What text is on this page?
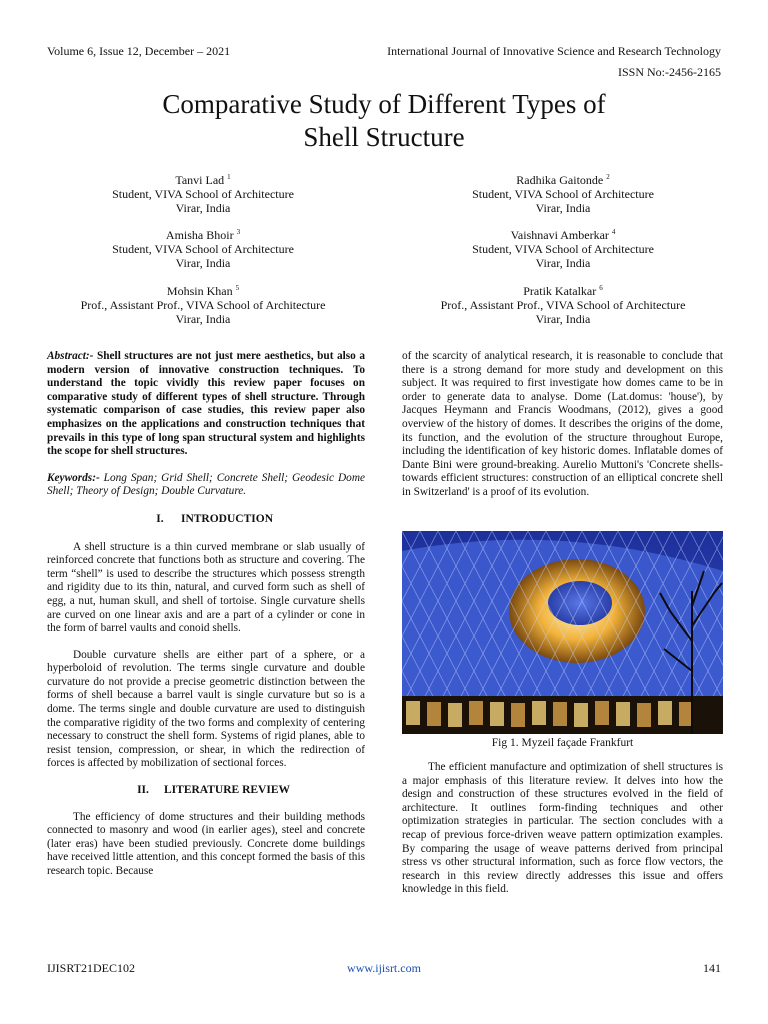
Volume 6, Issue 12, December – 2021	International Journal of Innovative Science and Research Technology
ISSN No:-2456-2165
Comparative Study of Different Types of
Shell Structure
Tanvi Lad $^1$
Student, VIVA School of Architecture
Virar, India
Radhika Gaitonde $^2$
Student, VIVA School of Architecture
Virar, India
Amisha Bhoir $^3$
Student, VIVA School of Architecture
Virar, India
Vaishnavi Amberkar $^4$
Student, VIVA School of Architecture
Virar, India
Mohsin Khan $^5$
Prof., Assistant Prof., VIVA School of Architecture
Virar, India
Pratik Katalkar $^6$
Prof., Assistant Prof., VIVA School of Architecture
Virar, India

Abstract:- Shell structures are not just mere aesthetics, but also a modern version of innovative construction techniques. To understand the topic vividly this review paper focuses on comparative study of different types of shell structure. Through systematic comparison of case studies, this review paper also emphasizes on the applications and construction techniques that prevails in this type of long span structural system and highlights the scope for shell structures.

Keywords:- Long Span; Grid Shell; Concrete Shell; Geodesic Dome Shell; Theory of Design; Double Curvature.

I. INTRODUCTION

A shell structure is a thin curved membrane or slab usually of reinforced concrete that functions both as structure and covering. The term “shell” is used to describe the structures which possess strength and rigidity due to its thin, natural, and curved form such as shell of egg, a nut, human skull, and shell of tortoise. Single curvature shells are curved on one linear axis and are a part of a cylinder or cone in the form of barrel vaults and conoid shells.

Double curvature shells are either part of a sphere, or a hyperboloid of revolution. The terms single curvature and double curvature do not provide a precise geometric distinction between the forms of shell because a barrel vault is single curvature but so is a dome. The terms single and double curvature are used to distinguish the comparative rigidity of the two forms and complexity of centering necessary to construct the shell form. Systems of rigid planes, able to resist tension, compression, or shear, in which the redirection of forces is affected by mobilization of sectional forces.

II. LITERATURE REVIEW

The efficiency of dome structures and their building methods connected to masonry and wood (in earlier ages), steel and concrete (later eras) have been studied previously. Concrete dome buildings have received little attention, and this concept formed the basis of this research topic. Because

of the scarcity of analytical research, it is reasonable to conclude that there is a strong demand for more study and development on this subject. It was required to first investigate how domes came to be in order to generate data to analyse. Dome (Lat.domus: 'house'), by Jacques Heymann and Francis Woodmans, (2012), gives a good overview of the history of domes. It describes the origins of the dome, its function, and the evolution of the structure throughout Europe, including the identification of key historic domes. Inflatable domes of Dante Bini were ground-breaking. Aurelio Muttoni's 'Concrete shells-towards efficient structures: construction of an elliptical concrete shell in Switzerland' is a proof of its evolution.

Fig 1. Myzeil façade Frankfurt

The efficient manufacture and optimization of shell structures is a major emphasis of this literature review. It delves into how the design and construction of these structures evolved in the field of architecture. It outlines form-finding techniques and other optimization strategies in particular. The section concludes with a recap of previous force-driven weave pattern optimization examples. By comparing the usage of weave patterns derived from principal stress vs other structural information, such as force flow vectors, the research in this review directly addresses this issue and offers knowledge in this field.

IJISRT21DEC102	www.ijisrt.com	141
